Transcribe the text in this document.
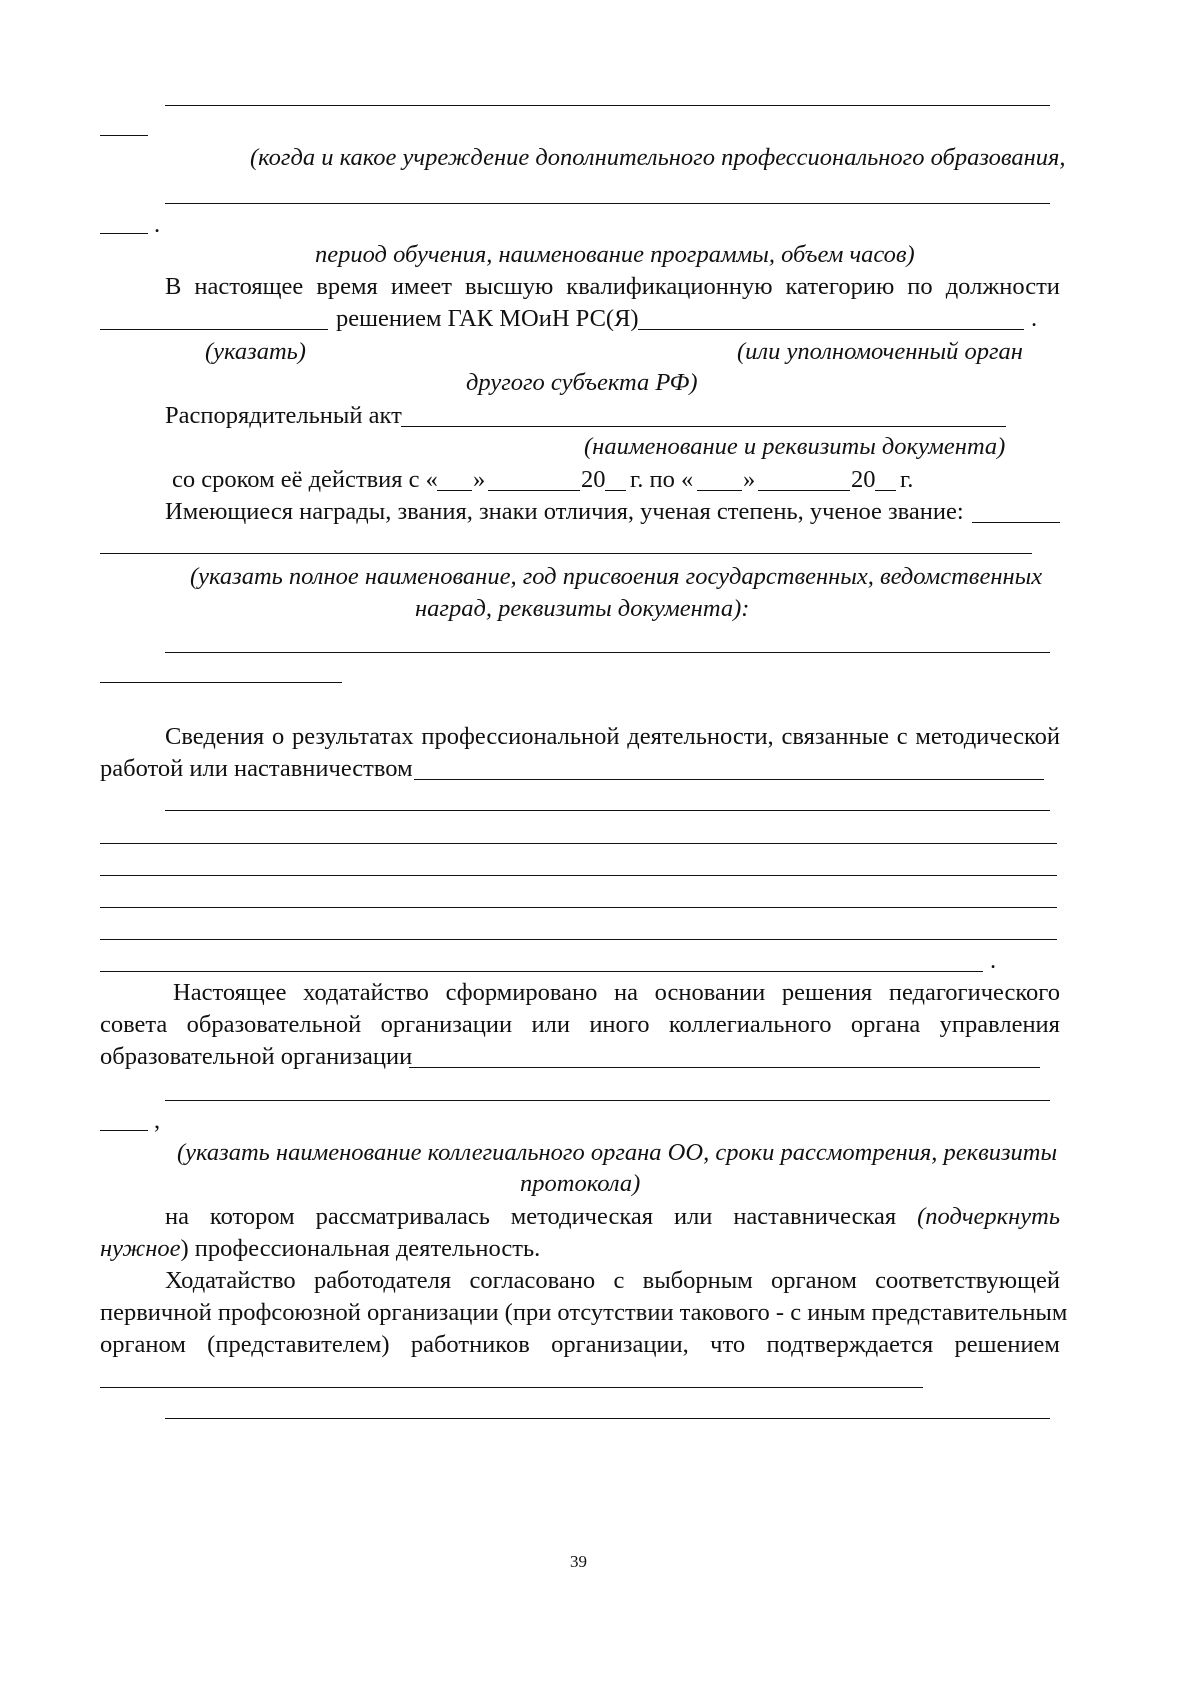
(когда и какое учреждение дополнительного профессионального образования,
.
период обучения, наименование программы, объем часов)
В настоящее время имеет высшую квалификационную категорию по должности
решением ГАК МОиН РС(Я)	.
(указать)	(или уполномоченный орган
другого субъекта РФ)
Распорядительный акт
(наименование и реквизиты документа)
со сроком её действия с « »	20 г. по « »	20 г.
Имеющиеся награды, звания, знаки отличия, ученая степень, ученое звание:
(указать полное наименование, год присвоения государственных, ведомственных
наград, реквизиты документа):
Сведения о результатах профессиональной деятельности, связанные с методической
работой или наставничеством
.
Настоящее ходатайство сформировано на основании решения педагогического
совета образовательной организации или иного коллегиального органа управления
образовательной организации
,
(указать наименование коллегиального органа ОО, сроки рассмотрения, реквизиты
протокола)
на котором рассматривалась методическая или наставническая (подчеркнуть
нужное) профессиональная деятельность.
Ходатайство работодателя согласовано с выборным органом соответствующей
первичной профсоюзной организации (при отсутствии такового - с иным представительным
органом (представителем) работников организации, что подтверждается решением
39
